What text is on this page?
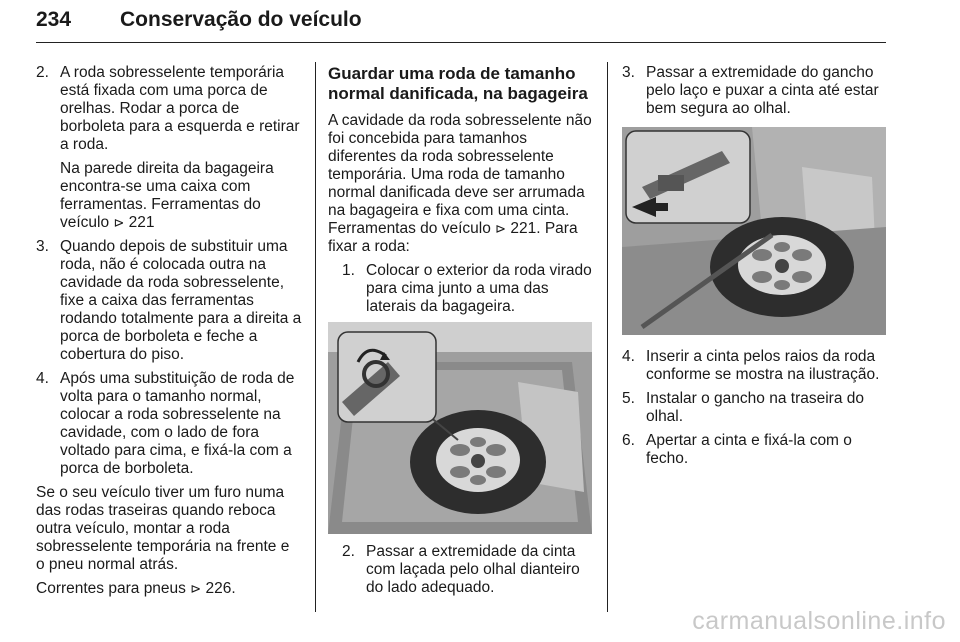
234 Conservação do veículo
2. A roda sobresselente temporária está fixada com uma porca de orelhas. Rodar a porca de borboleta para a esquerda e retirar a roda.

Na parede direita da bagageira encontra-se uma caixa com ferramentas. Ferramentas do veículo ⊳ 221

3. Quando depois de substituir uma roda, não é colocada outra na cavidade da roda sobresselente, fixe a caixa das ferramentas rodando totalmente para a direita a porca de borboleta e feche a cobertura do piso.

4. Após uma substituição de roda de volta para o tamanho normal, colocar a roda sobresselente na cavidade, com o lado de fora voltado para cima, e fixá-la com a porca de borboleta.

Se o seu veículo tiver um furo numa das rodas traseiras quando reboca outra veículo, montar a roda sobresselente temporária na frente e o pneu normal atrás.

Correntes para pneus ⊳ 226.

Guardar uma roda de tamanho normal danificada, na bagageira

A cavidade da roda sobresselente não foi concebida para tamanhos diferentes da roda sobresselente temporária. Uma roda de tamanho normal danificada deve ser arrumada na bagageira e fixa com uma cinta. Ferramentas do veículo ⊳ 221. Para fixar a roda:

1. Colocar o exterior da roda virado para cima junto a uma das laterais da bagageira.

2. Passar a extremidade da cinta com laçada pelo olhal dianteiro do lado adequado.

3. Passar a extremidade do gancho pelo laço e puxar a cinta até estar bem segura ao olhal.

4. Inserir a cinta pelos raios da roda conforme se mostra na ilustração.

5. Instalar o gancho na traseira do olhal.

6. Apertar a cinta e fixá-la com o fecho.

carmanualsonline.info
